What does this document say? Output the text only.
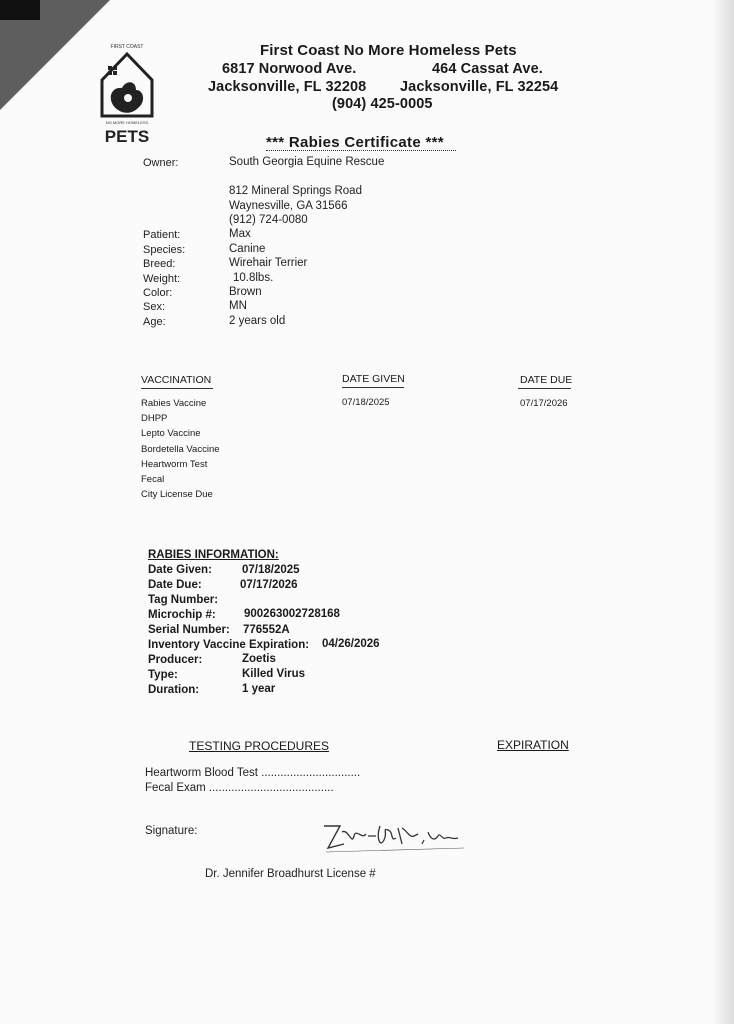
FIRST COAST
NO MORE HOMELESS
PETS
First Coast No More Homeless Pets
6817 Norwood Ave.	464 Cassat Ave.
Jacksonville, FL 32208 Jacksonville, FL 32254
(904) 425-0005
*** Rabies Certificate ***
Owner:	South Georgia Equine Rescue
812 Mineral Springs Road
Waynesville, GA 31566
(912) 724-0080
Patient:	Max
Species:	Canine
Breed:	Wirehair Terrier
Weight:	10.8lbs.
Color:	Brown
Sex:	MN
Age:	2 years old
VACCINATION	DATE GIVEN	DATE DUE
Rabies Vaccine	07/18/2025	07/17/2026
DHPP
Lepto Vaccine
Bordetella Vaccine
Heartworm Test
Fecal
City License Due
RABIES INFORMATION:
Date Given:	07/18/2025
Date Due:	07/17/2026
Tag Number:
Microchip #: 900263002728168
Serial Number: 776552A
Inventory Vaccine Expiration: 04/26/2026
Producer:	Zoetis
Type:	Killed Virus
Duration:	1 year
TESTING PROCEDURES	EXPIRATION
Heartworm Blood Test ...............................
Fecal Exam .......................................
Signature:
Dr. Jennifer Broadhurst License #
